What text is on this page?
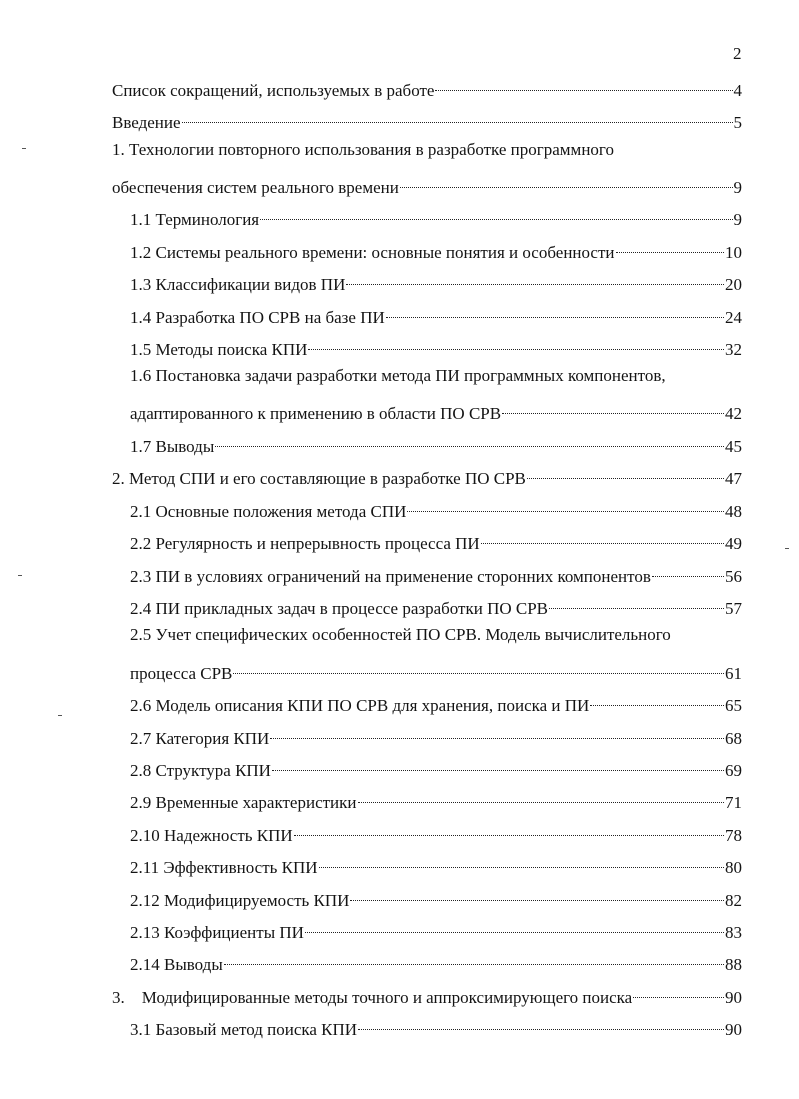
2
Список сокращений, используемых в работе	4
Введение	5
1. Технологии повторного использования в разработке программного
обеспечения систем реального времени	9
1.1 Терминология	9
1.2 Системы реального времени: основные понятия и особенности	10
1.3 Классификации видов ПИ	20
1.4 Разработка ПО СРВ на базе ПИ	24
1.5 Методы поиска КПИ	32
1.6 Постановка задачи разработки метода ПИ программных компонентов,
адаптированного к применению в области ПО СРВ	42
1.7 Выводы	45
2. Метод СПИ и его составляющие в разработке ПО СРВ	47
2.1 Основные положения метода СПИ	48
2.2 Регулярность и непрерывность процесса ПИ	49
2.3 ПИ в условиях ограничений на применение сторонних компонентов	56
2.4 ПИ прикладных задач в процессе разработки ПО СРВ	57
2.5 Учет специфических особенностей ПО СРВ. Модель вычислительного
процесса СРВ	61
2.6 Модель описания КПИ ПО СРВ для хранения, поиска и ПИ	65
2.7 Категория КПИ	68
2.8 Структура КПИ	69
2.9 Временные характеристики	71
2.10 Надежность КПИ	78
2.11 Эффективность КПИ	80
2.12 Модифицируемость КПИ	82
2.13 Коэффициенты ПИ	83
2.14 Выводы	88
3.    Модифицированные методы точного и аппроксимирующего поиска	90
3.1 Базовый метод поиска КПИ	90
